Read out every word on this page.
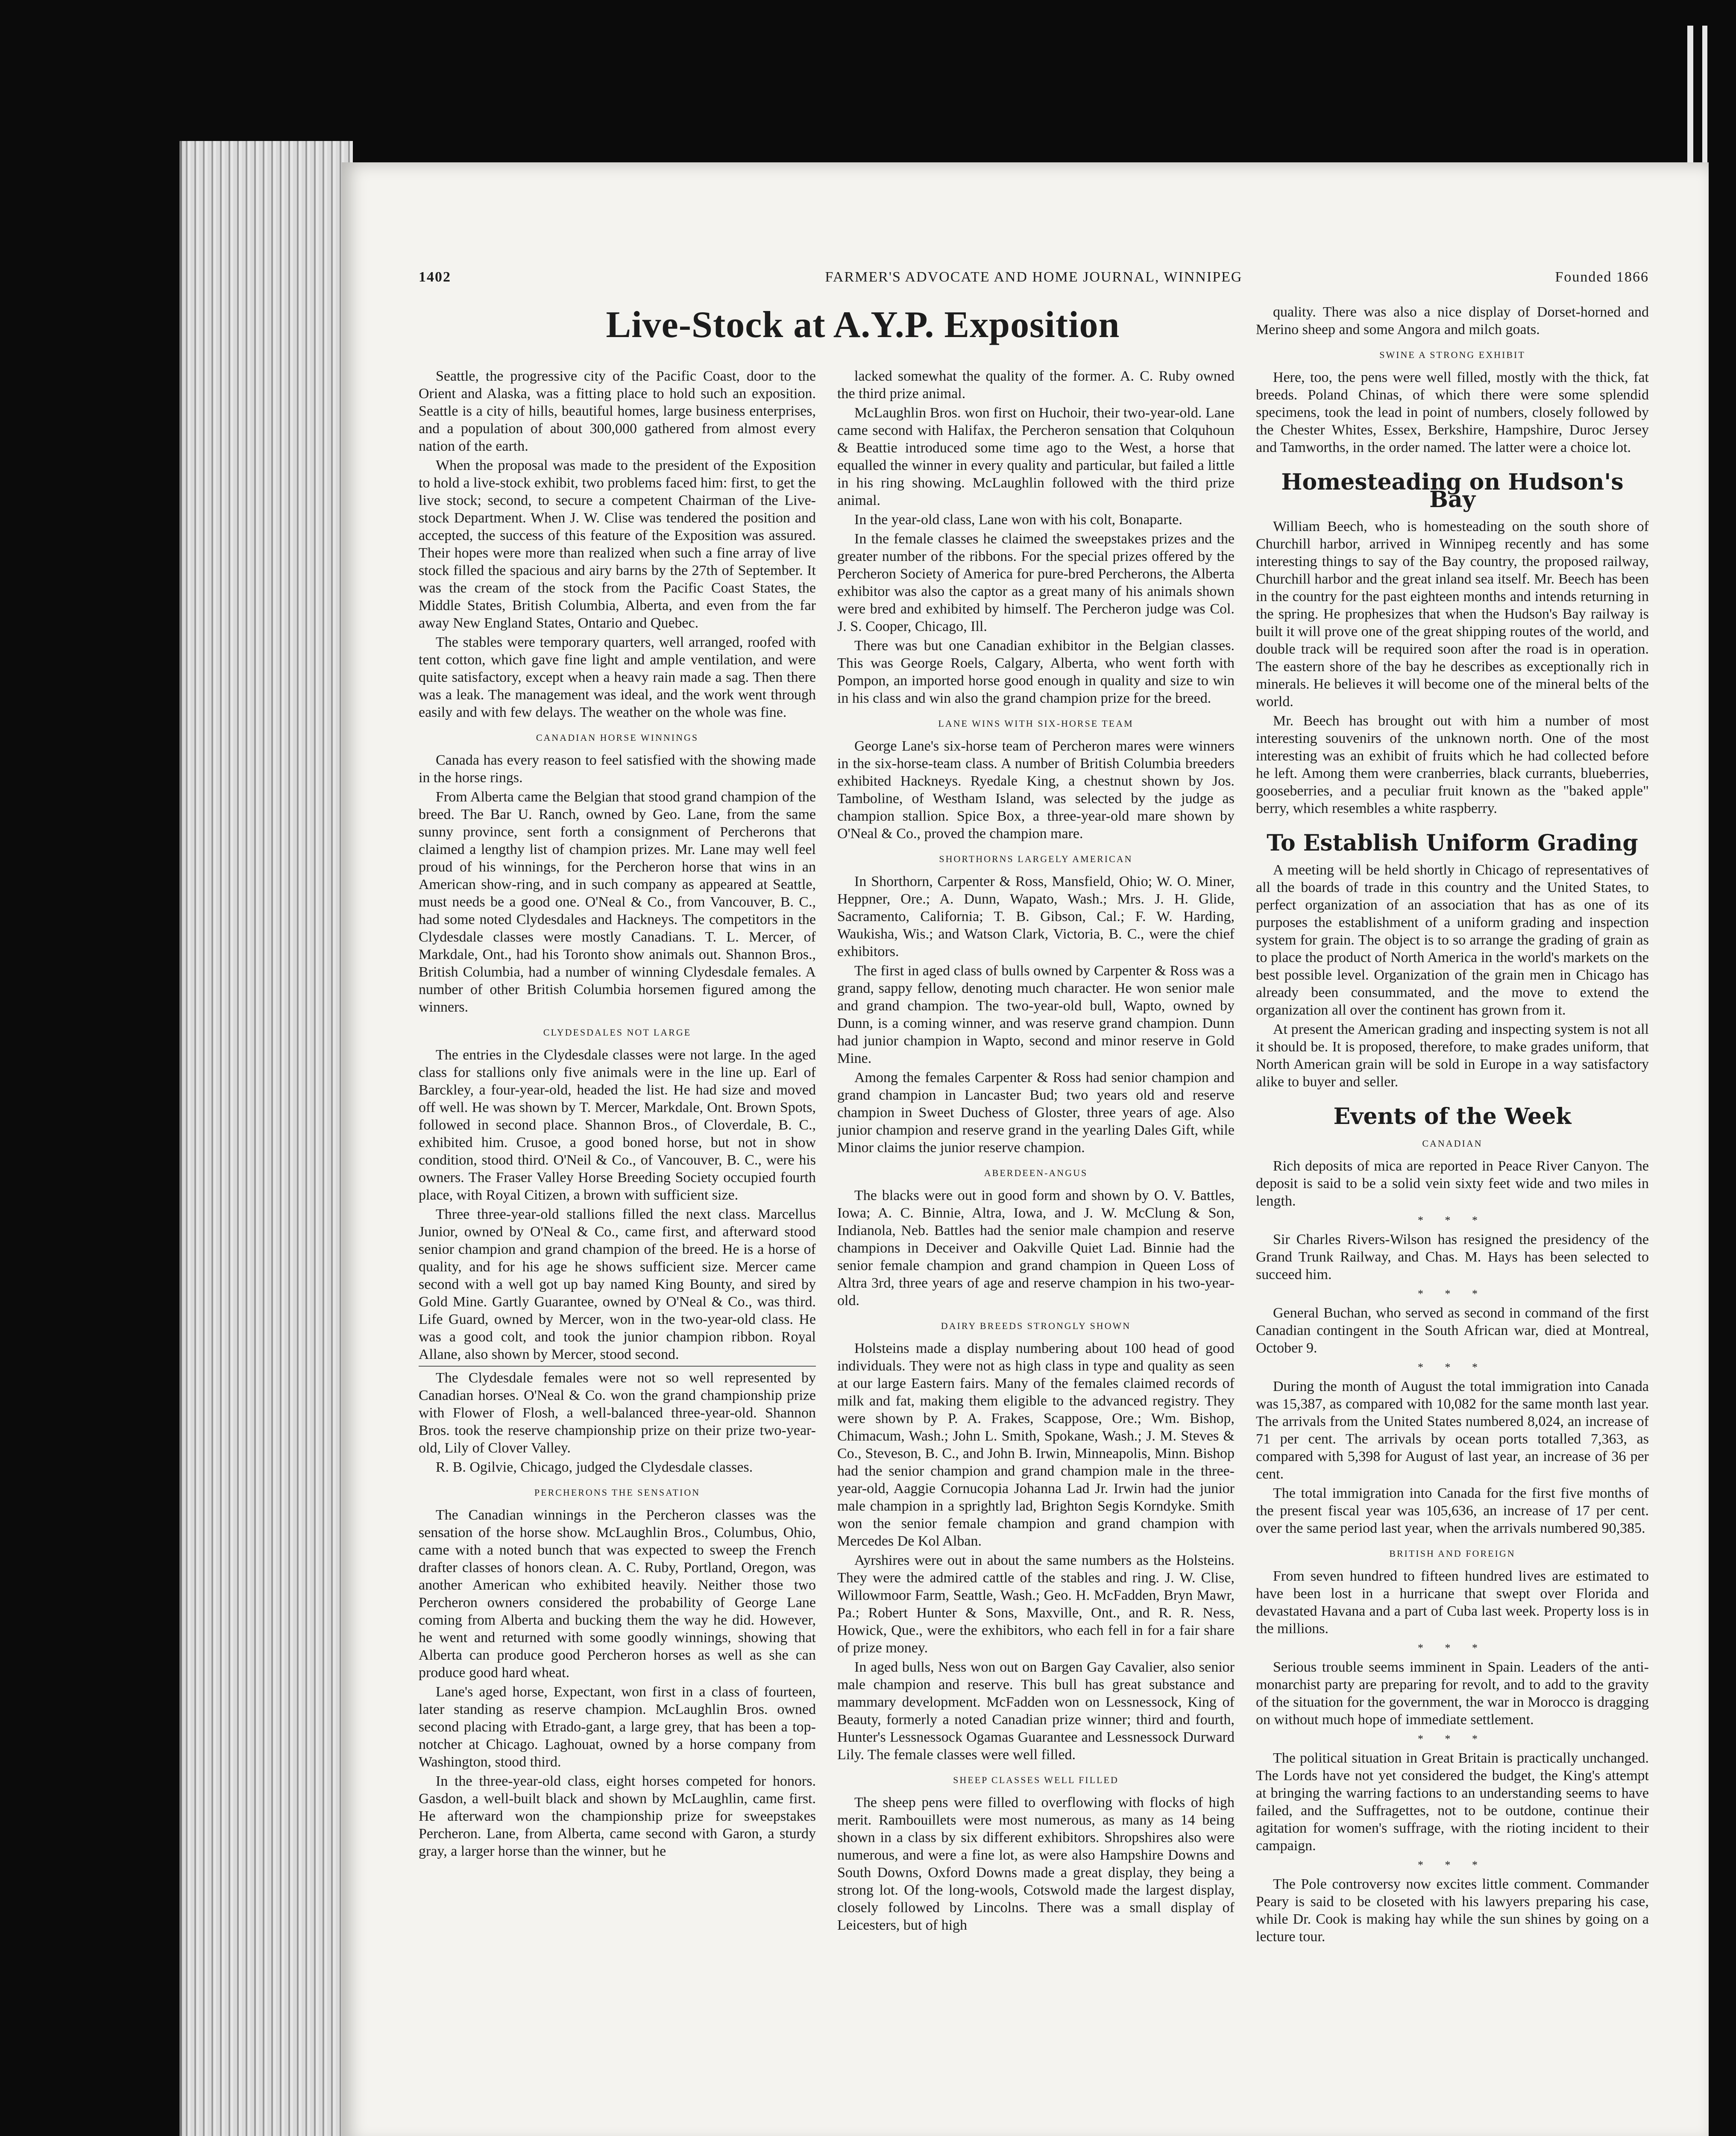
1402	FARMER'S ADVOCATE AND HOME JOURNAL, WINNIPEG	Founded 1866
Live-Stock at A.Y.P. Exposition

Seattle, the progressive city of the Pacific Coast, door to the Orient and Alaska, was a fitting place to hold such an exposition. Seattle is a city of hills, beautiful homes, large business enterprises, and a population of about 300,000 gathered from almost every nation of the earth.

When the proposal was made to the president of the Exposition to hold a live-stock exhibit, two problems faced him: first, to get the live stock; second, to secure a competent Chairman of the Live-stock Department. When J. W. Clise was tendered the position and accepted, the success of this feature of the Exposition was assured. Their hopes were more than realized when such a fine array of live stock filled the spacious and airy barns by the 27th of September. It was the cream of the stock from the Pacific Coast States, the Middle States, British Columbia, Alberta, and even from the far away New England States, Ontario and Quebec.

The stables were temporary quarters, well arranged, roofed with tent cotton, which gave fine light and ample ventilation, and were quite satisfactory, except when a heavy rain made a sag. Then there was a leak. The management was ideal, and the work went through easily and with few delays. The weather on the whole was fine.

CANADIAN HORSE WINNINGS

Canada has every reason to feel satisfied with the showing made in the horse rings.

From Alberta came the Belgian that stood grand champion of the breed. The Bar U. Ranch, owned by Geo. Lane, from the same sunny province, sent forth a consignment of Percherons that claimed a lengthy list of champion prizes. Mr. Lane may well feel proud of his winnings, for the Percheron horse that wins in an American show-ring, and in such company as appeared at Seattle, must needs be a good one. O'Neal & Co., from Vancouver, B. C., had some noted Clydesdales and Hackneys. The competitors in the Clydesdale classes were mostly Canadians. T. L. Mercer, of Markdale, Ont., had his Toronto show animals out. Shannon Bros., British Columbia, had a number of winning Clydesdale females. A number of other British Columbia horsemen figured among the winners.

CLYDESDALES NOT LARGE

The entries in the Clydesdale classes were not large. In the aged class for stallions only five animals were in the line up. Earl of Barckley, a four-year-old, headed the list. He had size and moved off well. He was shown by T. Mercer, Markdale, Ont. Brown Spots, followed in second place. Shannon Bros., of Cloverdale, B. C., exhibited him. Crusoe, a good boned horse, but not in show condition, stood third. O'Neil & Co., of Vancouver, B. C., were his owners. The Fraser Valley Horse Breeding Society occupied fourth place, with Royal Citizen, a brown with sufficient size.

Three three-year-old stallions filled the next class. Marcellus Junior, owned by O'Neal & Co., came first, and afterward stood senior champion and grand champion of the breed. He is a horse of quality, and for his age he shows sufficient size. Mercer came second with a well got up bay named King Bounty, and sired by Gold Mine. Gartly Guarantee, owned by O'Neal & Co., was third. Life Guard, owned by Mercer, won in the two-year-old class. He was a good colt, and took the junior champion ribbon. Royal Allane, also shown by Mercer, stood second.

The Clydesdale females were not so well represented by Canadian horses. O'Neal & Co. won the grand championship prize with Flower of Flosh, a well-balanced three-year-old. Shannon Bros. took the reserve championship prize on their prize two-year-old, Lily of Clover Valley.

R. B. Ogilvie, Chicago, judged the Clydesdale classes.

PERCHERONS THE SENSATION

The Canadian winnings in the Percheron classes was the sensation of the horse show. McLaughlin Bros., Columbus, Ohio, came with a noted bunch that was expected to sweep the French drafter classes of honors clean. A. C. Ruby, Portland, Oregon, was another American who exhibited heavily. Neither those two Percheron owners considered the probability of George Lane coming from Alberta and bucking them the way he did. However, he went and returned with some goodly winnings, showing that Alberta can produce good Percheron horses as well as she can produce good hard wheat.

Lane's aged horse, Expectant, won first in a class of fourteen, later standing as reserve champion. McLaughlin Bros. owned second placing with Etrado-gant, a large grey, that has been a top-notcher at Chicago. Laghouat, owned by a horse company from Washington, stood third.

In the three-year-old class, eight horses competed for honors. Gasdon, a well-built black and shown by McLaughlin, came first. He afterward won the championship prize for sweepstakes Percheron. Lane, from Alberta, came second with Garon, a sturdy gray, a larger horse than the winner, but he

lacked somewhat the quality of the former. A. C. Ruby owned the third prize animal.

McLaughlin Bros. won first on Huchoir, their two-year-old. Lane came second with Halifax, the Percheron sensation that Colquhoun & Beattie introduced some time ago to the West, a horse that equalled the winner in every quality and particular, but failed a little in his ring showing. McLaughlin followed with the third prize animal.

In the year-old class, Lane won with his colt, Bonaparte.

In the female classes he claimed the sweepstakes prizes and the greater number of the ribbons. For the special prizes offered by the Percheron Society of America for pure-bred Percherons, the Alberta exhibitor was also the captor as a great many of his animals shown were bred and exhibited by himself. The Percheron judge was Col. J. S. Cooper, Chicago, Ill.

There was but one Canadian exhibitor in the Belgian classes. This was George Roels, Calgary, Alberta, who went forth with Pompon, an imported horse good enough in quality and size to win in his class and win also the grand champion prize for the breed.

LANE WINS WITH SIX-HORSE TEAM

George Lane's six-horse team of Percheron mares were winners in the six-horse-team class. A number of British Columbia breeders exhibited Hackneys. Ryedale King, a chestnut shown by Jos. Tamboline, of Westham Island, was selected by the judge as champion stallion. Spice Box, a three-year-old mare shown by O'Neal & Co., proved the champion mare.

SHORTHORNS LARGELY AMERICAN

In Shorthorn, Carpenter & Ross, Mansfield, Ohio; W. O. Miner, Heppner, Ore.; A. Dunn, Wapato, Wash.; Mrs. J. H. Glide, Sacramento, California; T. B. Gibson, Cal.; F. W. Harding, Waukisha, Wis.; and Watson Clark, Victoria, B. C., were the chief exhibitors.

The first in aged class of bulls owned by Carpenter & Ross was a grand, sappy fellow, denoting much character. He won senior male and grand champion. The two-year-old bull, Wapto, owned by Dunn, is a coming winner, and was reserve grand champion. Dunn had junior champion in Wapto, second and minor reserve in Gold Mine.

Among the females Carpenter & Ross had senior champion and grand champion in Lancaster Bud; two years old and reserve champion in Sweet Duchess of Gloster, three years of age. Also junior champion and reserve grand in the yearling Dales Gift, while Minor claims the junior reserve champion.

ABERDEEN-ANGUS

The blacks were out in good form and shown by O. V. Battles, Iowa; A. C. Binnie, Altra, Iowa, and J. W. McClung & Son, Indianola, Neb. Battles had the senior male champion and reserve champions in Deceiver and Oakville Quiet Lad. Binnie had the senior female champion and grand champion in Queen Loss of Altra 3rd, three years of age and reserve champion in his two-year-old.

DAIRY BREEDS STRONGLY SHOWN

Holsteins made a display numbering about 100 head of good individuals. They were not as high class in type and quality as seen at our large Eastern fairs. Many of the females claimed records of milk and fat, making them eligible to the advanced registry. They were shown by P. A. Frakes, Scappose, Ore.; Wm. Bishop, Chimacum, Wash.; John L. Smith, Spokane, Wash.; J. M. Steves & Co., Steveson, B. C., and John B. Irwin, Minneapolis, Minn. Bishop had the senior champion and grand champion male in the three-year-old, Aaggie Cornucopia Johanna Lad Jr. Irwin had the junior male champion in a sprightly lad, Brighton Segis Korndyke. Smith won the senior female champion and grand champion with Mercedes De Kol Alban.

Ayrshires were out in about the same numbers as the Holsteins. They were the admired cattle of the stables and ring. J. W. Clise, Willowmoor Farm, Seattle, Wash.; Geo. H. McFadden, Bryn Mawr, Pa.; Robert Hunter & Sons, Maxville, Ont., and R. R. Ness, Howick, Que., were the exhibitors, who each fell in for a fair share of prize money.

In aged bulls, Ness won out on Bargen Gay Cavalier, also senior male champion and reserve. This bull has great substance and mammary development. McFadden won on Lessnessock, King of Beauty, formerly a noted Canadian prize winner; third and fourth, Hunter's Lessnessock Ogamas Guarantee and Lessnessock Durward Lily. The female classes were well filled.

SHEEP CLASSES WELL FILLED

The sheep pens were filled to overflowing with flocks of high merit. Rambouillets were most numerous, as many as 14 being shown in a class by six different exhibitors. Shropshires also were numerous, and were a fine lot, as were also Hampshire Downs and South Downs, Oxford Downs made a great display, they being a strong lot. Of the long-wools, Cotswold made the largest display, closely followed by Lincolns. There was a small display of Leicesters, but of high

quality. There was also a nice display of Dorset-horned and Merino sheep and some Angora and milch goats.

SWINE A STRONG EXHIBIT

Here, too, the pens were well filled, mostly with the thick, fat breeds. Poland Chinas, of which there were some splendid specimens, took the lead in point of numbers, closely followed by the Chester Whites, Essex, Berkshire, Hampshire, Duroc Jersey and Tamworths, in the order named. The latter were a choice lot.

Homesteading on Hudson's Bay

William Beech, who is homesteading on the south shore of Churchill harbor, arrived in Winnipeg recently and has some interesting things to say of the Bay country, the proposed railway, Churchill harbor and the great inland sea itself. Mr. Beech has been in the country for the past eighteen months and intends returning in the spring. He prophesizes that when the Hudson's Bay railway is built it will prove one of the great shipping routes of the world, and double track will be required soon after the road is in operation. The eastern shore of the bay he describes as exceptionally rich in minerals. He believes it will become one of the mineral belts of the world.

Mr. Beech has brought out with him a number of most interesting souvenirs of the unknown north. One of the most interesting was an exhibit of fruits which he had collected before he left. Among them were cranberries, black currants, blueberries, gooseberries, and a peculiar fruit known as the "baked apple" berry, which resembles a white raspberry.

To Establish Uniform Grading

A meeting will be held shortly in Chicago of representatives of all the boards of trade in this country and the United States, to perfect organization of an association that has as one of its purposes the establishment of a uniform grading and inspection system for grain. The object is to so arrange the grading of grain as to place the product of North America in the world's markets on the best possible level. Organization of the grain men in Chicago has already been consummated, and the move to extend the organization all over the continent has grown from it.

At present the American grading and inspecting system is not all it should be. It is proposed, therefore, to make grades uniform, that North American grain will be sold in Europe in a way satisfactory alike to buyer and seller.

Events of the Week
CANADIAN

Rich deposits of mica are reported in Peace River Canyon. The deposit is said to be a solid vein sixty feet wide and two miles in length.

* * *

Sir Charles Rivers-Wilson has resigned the presidency of the Grand Trunk Railway, and Chas. M. Hays has been selected to succeed him.

* * *

General Buchan, who served as second in command of the first Canadian contingent in the South African war, died at Montreal, October 9.

* * *

During the month of August the total immigration into Canada was 15,387, as compared with 10,082 for the same month last year. The arrivals from the United States numbered 8,024, an increase of 71 per cent. The arrivals by ocean ports totalled 7,363, as compared with 5,398 for August of last year, an increase of 36 per cent.

The total immigration into Canada for the first five months of the present fiscal year was 105,636, an increase of 17 per cent. over the same period last year, when the arrivals numbered 90,385.

BRITISH AND FOREIGN

From seven hundred to fifteen hundred lives are estimated to have been lost in a hurricane that swept over Florida and devastated Havana and a part of Cuba last week. Property loss is in the millions.

* * *

Serious trouble seems imminent in Spain. Leaders of the anti-monarchist party are preparing for revolt, and to add to the gravity of the situation for the government, the war in Morocco is dragging on without much hope of immediate settlement.

* * *

The political situation in Great Britain is practically unchanged. The Lords have not yet considered the budget, the King's attempt at bringing the warring factions to an understanding seems to have failed, and the Suffragettes, not to be outdone, continue their agitation for women's suffrage, with the rioting incident to their campaign.

* * *

The Pole controversy now excites little comment. Commander Peary is said to be closeted with his lawyers preparing his case, while Dr. Cook is making hay while the sun shines by going on a lecture tour.
